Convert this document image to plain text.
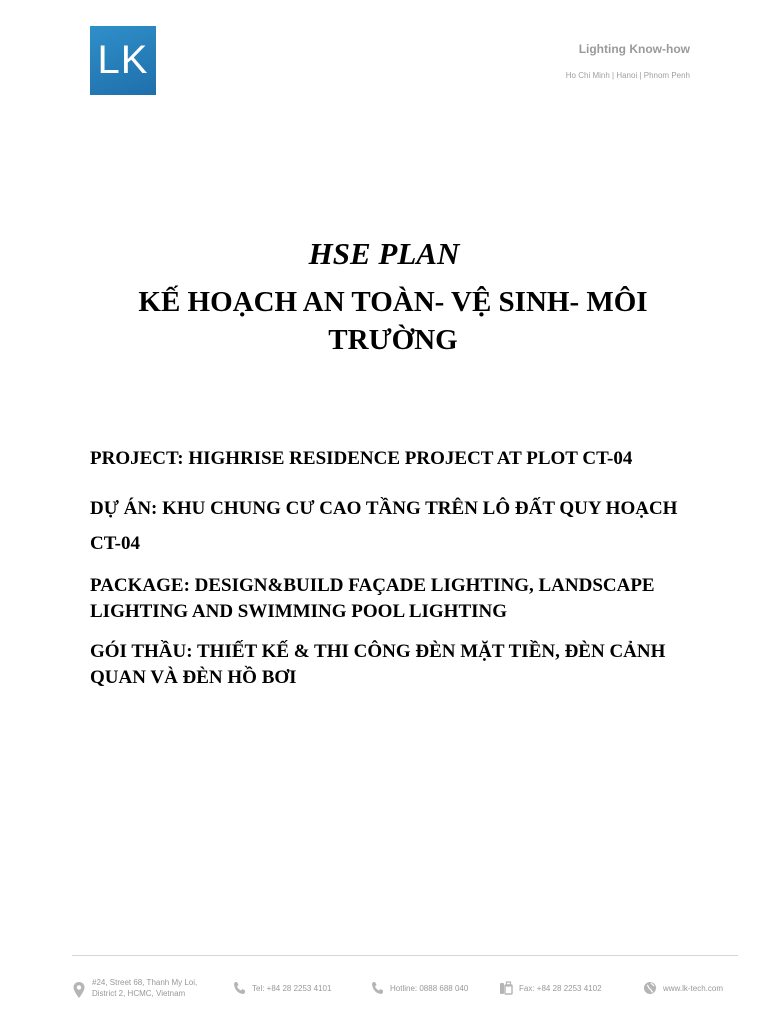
LK	Lighting Know-how
Ho Chi Minh | Hanoi | Phnom Penh
HSE PLAN
KẾ HOẠCH AN TOÀN- VỆ SINH- MÔI TRƯỜNG
PROJECT: HIGHRISE RESIDENCE PROJECT AT PLOT CT-04
DỰ ÁN: KHU CHUNG CƯ CAO TẦNG TRÊN LÔ ĐẤT QUY HOẠCH CT-04
PACKAGE: DESIGN&BUILD FAÇADE LIGHTING, LANDSCAPE LIGHTING AND SWIMMING POOL LIGHTING
GÓI THẦU: THIẾT KẾ & THI CÔNG ĐÈN MẶT TIỀN, ĐÈN CẢNH QUAN VÀ ĐÈN HỒ BƠI
#24, Street 68, Thanh My Loi,
District 2, HCMC, Vietnam
Tel: +84 28 2253 4101	Hotline: 0888 688 040	Fax: +84 28 2253 4102	www.lk-tech.com
